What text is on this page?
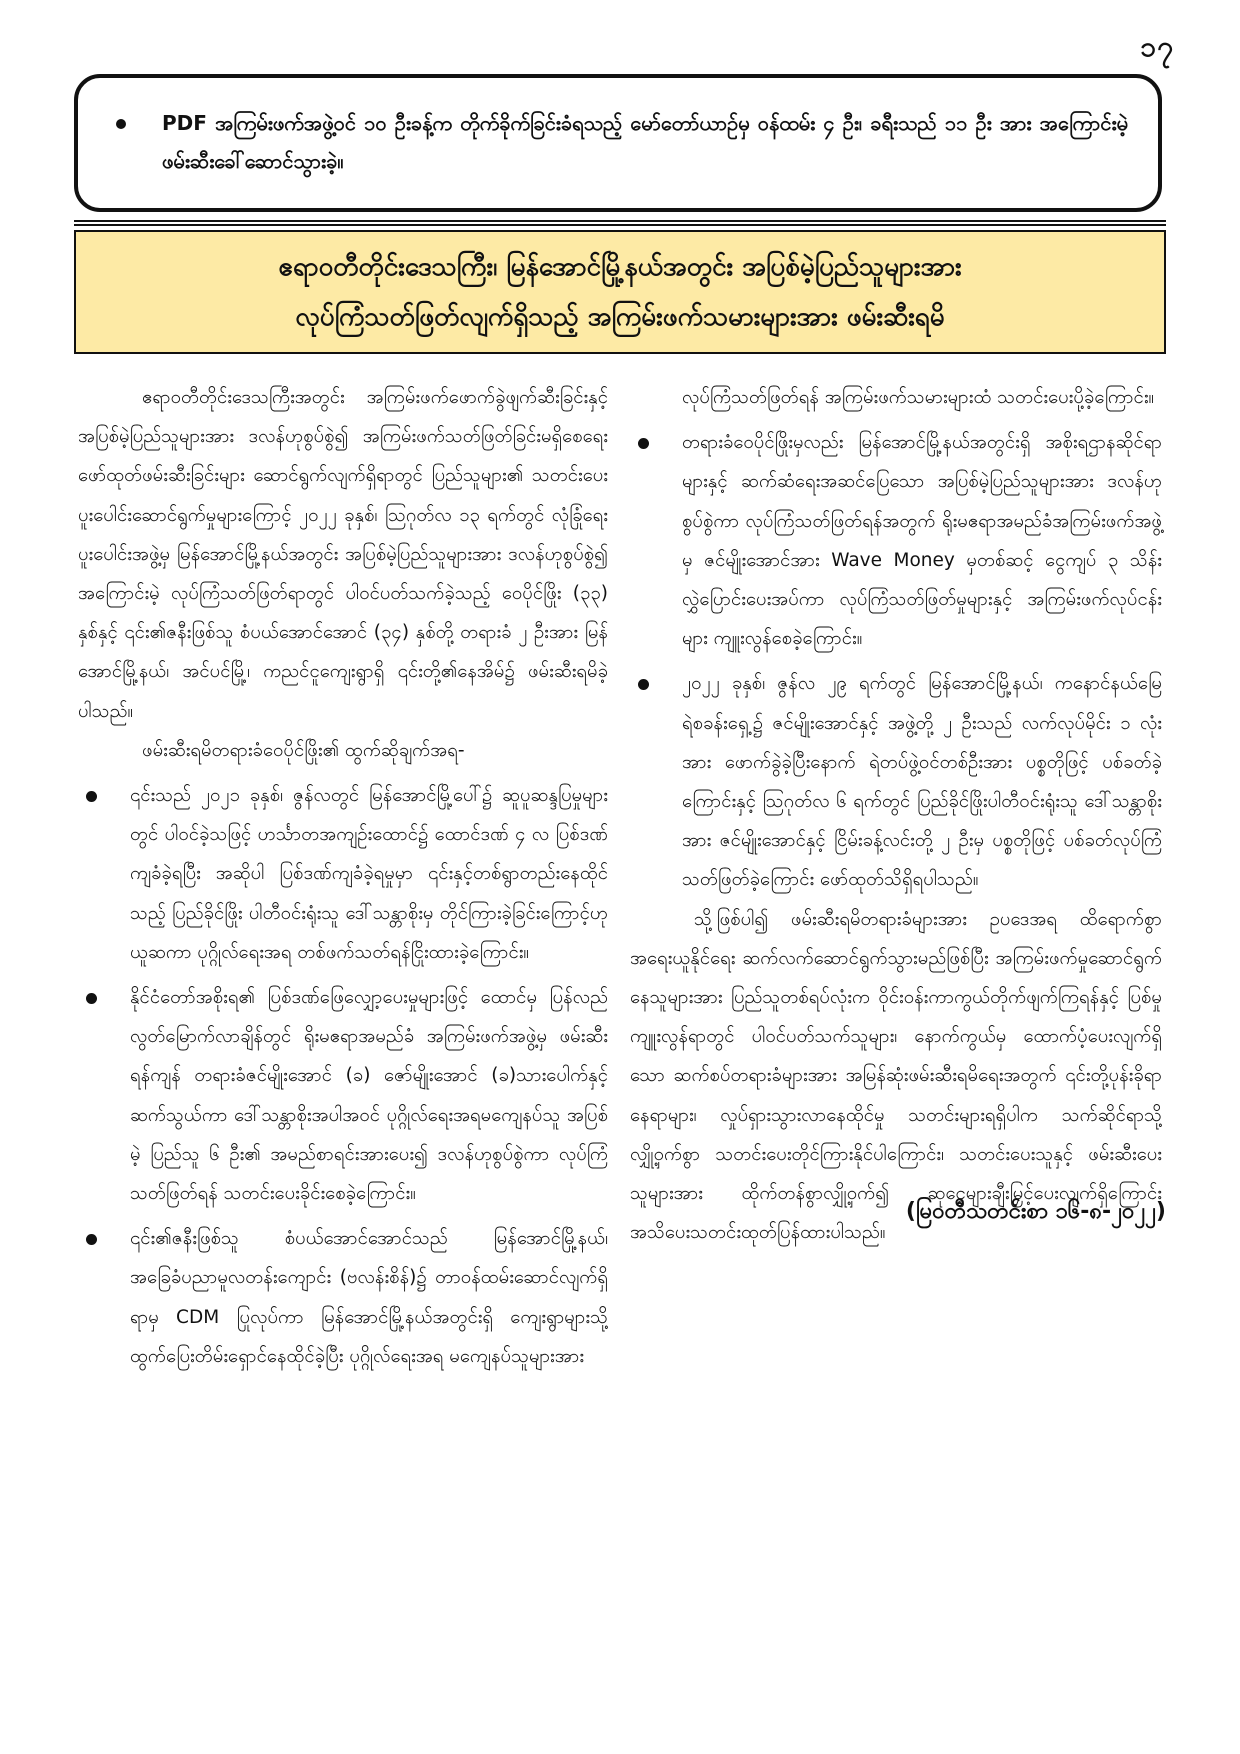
၁၇
PDF အကြမ်းဖက်အဖွဲ့ဝင် ၁၀ ဦးခန့်က တိုက်ခိုက်ခြင်းခံရသည့် မော်တော်ယာဉ်မှ ဝန်ထမ်း ၄ ဦး၊ ခရီးသည် ၁၁ ဦး အား အကြောင်းမဲ့ဖမ်းဆီးခေါ်ဆောင်သွားခဲ့။
ဧရာဝတီတိုင်းဒေသကြီး၊ မြန်အောင်မြို့နယ်အတွင်း အပြစ်မဲ့ပြည်သူများအား
လုပ်ကြံသတ်ဖြတ်လျက်ရှိသည့် အကြမ်းဖက်သမားများအား ဖမ်းဆီးရမိ

ဧရာဝတီတိုင်းဒေသကြီးအတွင်း အကြမ်းဖက်ဖောက်ခွဲဖျက်ဆီးခြင်းနှင့် အပြစ်မဲ့ပြည်သူများအား ဒလန်ဟုစွပ်စွဲ၍ အကြမ်းဖက်သတ်ဖြတ်ခြင်းမရှိစေရေး ဖော်ထုတ်ဖမ်းဆီးခြင်းများ ဆောင်ရွက်လျက်ရှိရာတွင် ပြည်သူများ၏ သတင်းပေးပူးပေါင်းဆောင်ရွက်မှုများကြောင့် ၂၀၂၂ ခုနှစ်၊ ဩဂုတ်လ ၁၃ ရက်တွင် လုံခြုံရေးပူးပေါင်းအဖွဲ့မှ မြန်အောင်မြို့နယ်အတွင်း အပြစ်မဲ့ပြည်သူများအား ဒလန်ဟုစွပ်စွဲ၍ အကြောင်းမဲ့ လုပ်ကြံသတ်ဖြတ်ရာတွင် ပါဝင်ပတ်သက်ခဲ့သည့် ဝေပိုင်ဖြိုး (၃၃) နှစ်နှင့် ၎င်း၏ဇနီးဖြစ်သူ စံပယ်အောင်အောင် (၃၄) နှစ်တို့ တရားခံ ၂ ဦးအား မြန်အောင်မြို့နယ်၊ အင်ပင်မြို့၊ ကညင်ငူကျေးရွာရှိ ၎င်းတို့၏နေအိမ်၌ ဖမ်းဆီးရမိခဲ့ပါသည်။

ဖမ်းဆီးရမိတရားခံဝေပိုင်ဖြိုး၏ ထွက်ဆိုချက်အရ-

၎င်းသည် ၂၀၂၁ ခုနှစ်၊ ဇွန်လတွင် မြန်အောင်မြို့ပေါ်၌ ဆူပူဆန္ဒပြမှုများတွင် ပါဝင်ခဲ့သဖြင့် ဟင်္သာတအကျဉ်းထောင်၌ ထောင်ဒဏ် ၄ လ ပြစ်ဒဏ်ကျခံခဲ့ရပြီး အဆိုပါ ပြစ်ဒဏ်ကျခံခဲ့ရမှုမှာ ၎င်းနှင့်တစ်ရွာတည်းနေထိုင်သည့် ပြည်ခိုင်ဖြိုး ပါတီဝင်းရုံးသူ ဒေါ်သန္တာစိုးမှ တိုင်ကြားခဲ့ခြင်းကြောင့်ဟုယူဆကာ ပုဂ္ဂိုလ်ရေးအရ တစ်ဖက်သတ်ရန်ငြိုးထားခဲ့ကြောင်း။
နိုင်ငံတော်အစိုးရ၏ ပြစ်ဒဏ်ဖြေလျှော့ပေးမှုများဖြင့် ထောင်မှ ပြန်လည်လွတ်မြောက်လာချိန်တွင် ရိုးမဧရာအမည်ခံ အကြမ်းဖက်အဖွဲ့မှ ဖမ်းဆီးရန်ကျန် တရားခံဇင်မျိုးအောင် (ခ) ဇော်မျိုးအောင် (ခ)သားပေါက်နှင့် ဆက်သွယ်ကာ ဒေါ်သန္တာစိုးအပါအဝင် ပုဂ္ဂိုလ်ရေးအရမကျေနပ်သူ အပြစ်မဲ့ ပြည်သူ ၆ ဦး၏ အမည်စာရင်းအားပေး၍ ဒလန်ဟုစွပ်စွဲကာ လုပ်ကြံသတ်ဖြတ်ရန် သတင်းပေးခိုင်းစေခဲ့ကြောင်း။
၎င်း၏ဇနီးဖြစ်သူ စံပယ်အောင်အောင်သည် မြန်အောင်မြို့နယ်၊ အခြေခံပညာမူလတန်းကျောင်း (ဗလန်းစိန်)၌ တာဝန်ထမ်းဆောင်လျက်ရှိရာမှ CDM ပြုလုပ်ကာ မြန်အောင်မြို့နယ်အတွင်းရှိ ကျေးရွာများသို့ ထွက်ပြေးတိမ်းရှောင်နေထိုင်ခဲ့ပြီး ပုဂ္ဂိုလ်ရေးအရ မကျေနပ်သူများအား

လုပ်ကြံသတ်ဖြတ်ရန် အကြမ်းဖက်သမားများထံ သတင်းပေးပို့ခဲ့ကြောင်း။

တရားခံဝေပိုင်ဖြိုးမှလည်း မြန်အောင်မြို့နယ်အတွင်းရှိ အစိုးရဌာနဆိုင်ရာများနှင့် ဆက်ဆံရေးအဆင်ပြေသော အပြစ်မဲ့ပြည်သူများအား ဒလန်ဟုစွပ်စွဲကာ လုပ်ကြံသတ်ဖြတ်ရန်အတွက် ရိုးမဧရာအမည်ခံအကြမ်းဖက်အဖွဲ့မှ ဇင်မျိုးအောင်အား Wave Money မှတစ်ဆင့် ငွေကျပ် ၃ သိန်း လွှဲပြောင်းပေးအပ်ကာ လုပ်ကြံသတ်ဖြတ်မှုများနှင့် အကြမ်းဖက်လုပ်ငန်းများ ကျူးလွန်စေခဲ့ကြောင်း။
၂၀၂၂ ခုနှစ်၊ ဇွန်လ ၂၉ ရက်တွင် မြန်အောင်မြို့နယ်၊ ကနောင်နယ်မြေ ရဲစခန်းရှေ့၌ ဇင်မျိုးအောင်နှင့် အဖွဲ့တို့ ၂ ဦးသည် လက်လုပ်မိုင်း ၁ လုံးအား ဖောက်ခွဲခဲ့ပြီးနောက် ရဲတပ်ဖွဲ့ဝင်တစ်ဦးအား ပစ္စတိုဖြင့် ပစ်ခတ်ခဲ့ကြောင်းနှင့် ဩဂုတ်လ ၆ ရက်တွင် ပြည်ခိုင်ဖြိုးပါတီဝင်းရုံးသူ ဒေါ်သန္တာစိုးအား ဇင်မျိုးအောင်နှင့် ငြိမ်းခန့်လင်းတို့ ၂ ဦးမှ ပစ္စတိုဖြင့် ပစ်ခတ်လုပ်ကြံသတ်ဖြတ်ခဲ့ကြောင်း ဖော်ထုတ်သိရှိရပါသည်။

သို့ဖြစ်ပါ၍ ဖမ်းဆီးရမိတရားခံများအား ဥပဒေအရ ထိရောက်စွာ အရေးယူနိုင်ရေး ဆက်လက်ဆောင်ရွက်သွားမည်ဖြစ်ပြီး အကြမ်းဖက်မှုဆောင်ရွက်နေသူများအား ပြည်သူတစ်ရပ်လုံးက ဝိုင်းဝန်းကာကွယ်တိုက်ဖျက်ကြရန်နှင့် ပြစ်မှုကျူးလွန်ရာတွင် ပါဝင်ပတ်သက်သူများ၊ နောက်ကွယ်မှ ထောက်ပံ့ပေးလျက်ရှိသော ဆက်စပ်တရားခံများအား အမြန်ဆုံးဖမ်းဆီးရမိရေးအတွက် ၎င်းတို့ပုန်းခိုရာနေရာများ၊ လှုပ်ရှားသွားလာနေထိုင်မှု သတင်းများရရှိပါက သက်ဆိုင်ရာသို့ လျှို့ဝှက်စွာ သတင်းပေးတိုင်ကြားနိုင်ပါကြောင်း၊ သတင်းပေးသူနှင့် ဖမ်းဆီးပေးသူများအား ထိုက်တန်စွာလျှို့ဝှက်၍ ဆုငွေများချီးမြှင့်ပေးလျက်ရှိကြောင်း အသိပေးသတင်းထုတ်ပြန်ထားပါသည်။

(မြဝတီသတင်းစာ ၁၆-၈-၂၀၂၂)
